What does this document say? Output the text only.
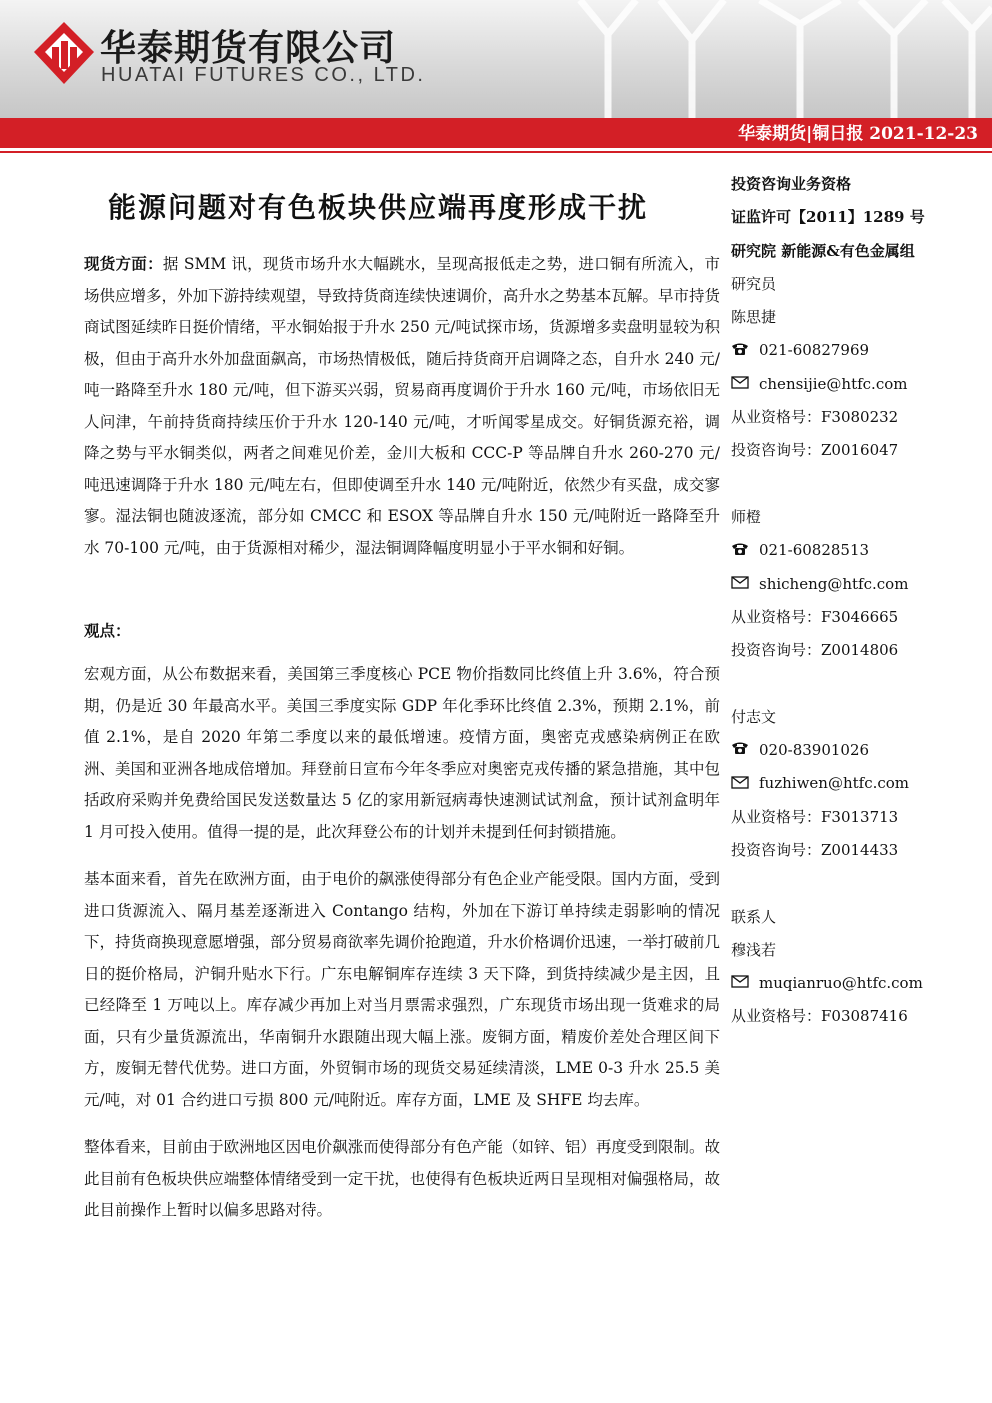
华泰期货有限公司
HUATAI FUTURES CO., LTD.
华泰期货|铜日报 2021-12-23
能源问题对有色板块供应端再度形成干扰

现货方面：据 SMM 讯，现货市场升水大幅跳水，呈现高报低走之势，进口铜有所流入，市场供应增多，外加下游持续观望，导致持货商连续快速调价，高升水之势基本瓦解。早市持货商试图延续昨日挺价情绪，平水铜始报于升水 250 元/吨试探市场，货源增多卖盘明显较为积极，但由于高升水外加盘面飙高，市场热情极低，随后持货商开启调降之态，自升水 240 元/吨一路降至升水 180 元/吨，但下游买兴弱，贸易商再度调价于升水 160 元/吨，市场依旧无人问津，午前持货商持续压价于升水 120-140 元/吨，才听闻零星成交。好铜货源充裕，调降之势与平水铜类似，两者之间难见价差，金川大板和 CCC-P 等品牌自升水 260-270 元/吨迅速调降于升水 180 元/吨左右，但即使调至升水 140 元/吨附近，依然少有买盘，成交寥寥。湿法铜也随波逐流，部分如 CMCC 和 ESOX 等品牌自升水 150 元/吨附近一路降至升水 70-100 元/吨，由于货源相对稀少，湿法铜调降幅度明显小于平水铜和好铜。

观点：

宏观方面，从公布数据来看，美国第三季度核心 PCE 物价指数同比终值上升 3.6%，符合预期，仍是近 30 年最高水平。美国三季度实际 GDP 年化季环比终值 2.3%，预期 2.1%，前值 2.1%，是自 2020 年第二季度以来的最低增速。疫情方面，奥密克戎感染病例正在欧洲、美国和亚洲各地成倍增加。拜登前日宣布今年冬季应对奥密克戎传播的紧急措施，其中包括政府采购并免费给国民发送数量达 5 亿的家用新冠病毒快速测试试剂盒，预计试剂盒明年 1 月可投入使用。值得一提的是，此次拜登公布的计划并未提到任何封锁措施。

基本面来看，首先在欧洲方面，由于电价的飙涨使得部分有色企业产能受限。国内方面，受到进口货源流入、隔月基差逐渐进入 Contango 结构，外加在下游订单持续走弱影响的情况下，持货商换现意愿增强，部分贸易商欲率先调价抢跑道，升水价格调价迅速，一举打破前几日的挺价格局，沪铜升贴水下行。广东电解铜库存连续 3 天下降，到货持续减少是主因，且已经降至 1 万吨以上。库存减少再加上对当月票需求强烈，广东现货市场出现一货难求的局面，只有少量货源流出，华南铜升水跟随出现大幅上涨。废铜方面，精废价差处合理区间下方，废铜无替代优势。进口方面，外贸铜市场的现货交易延续清淡，LME 0-3 升水 25.5 美元/吨，对 01 合约进口亏损 800 元/吨附近。库存方面，LME 及 SHFE 均去库。

整体看来，目前由于欧洲地区因电价飙涨而使得部分有色产能（如锌、铝）再度受到限制。故此目前有色板块供应端整体情绪受到一定干扰，也使得有色板块近两日呈现相对偏强格局，故此目前操作上暂时以偏多思路对待。

投资咨询业务资格
证监许可【2011】1289 号
研究院 新能源&有色金属组
研究员
陈思捷
021-60827969
chensijie@htfc.com
从业资格号：F3080232
投资咨询号：Z0016047
师橙
021-60828513
shicheng@htfc.com
从业资格号：F3046665
投资咨询号：Z0014806
付志文
020-83901026
fuzhiwen@htfc.com
从业资格号：F3013713
投资咨询号：Z0014433
联系人
穆浅若
muqianruo@htfc.com
从业资格号：F03087416
